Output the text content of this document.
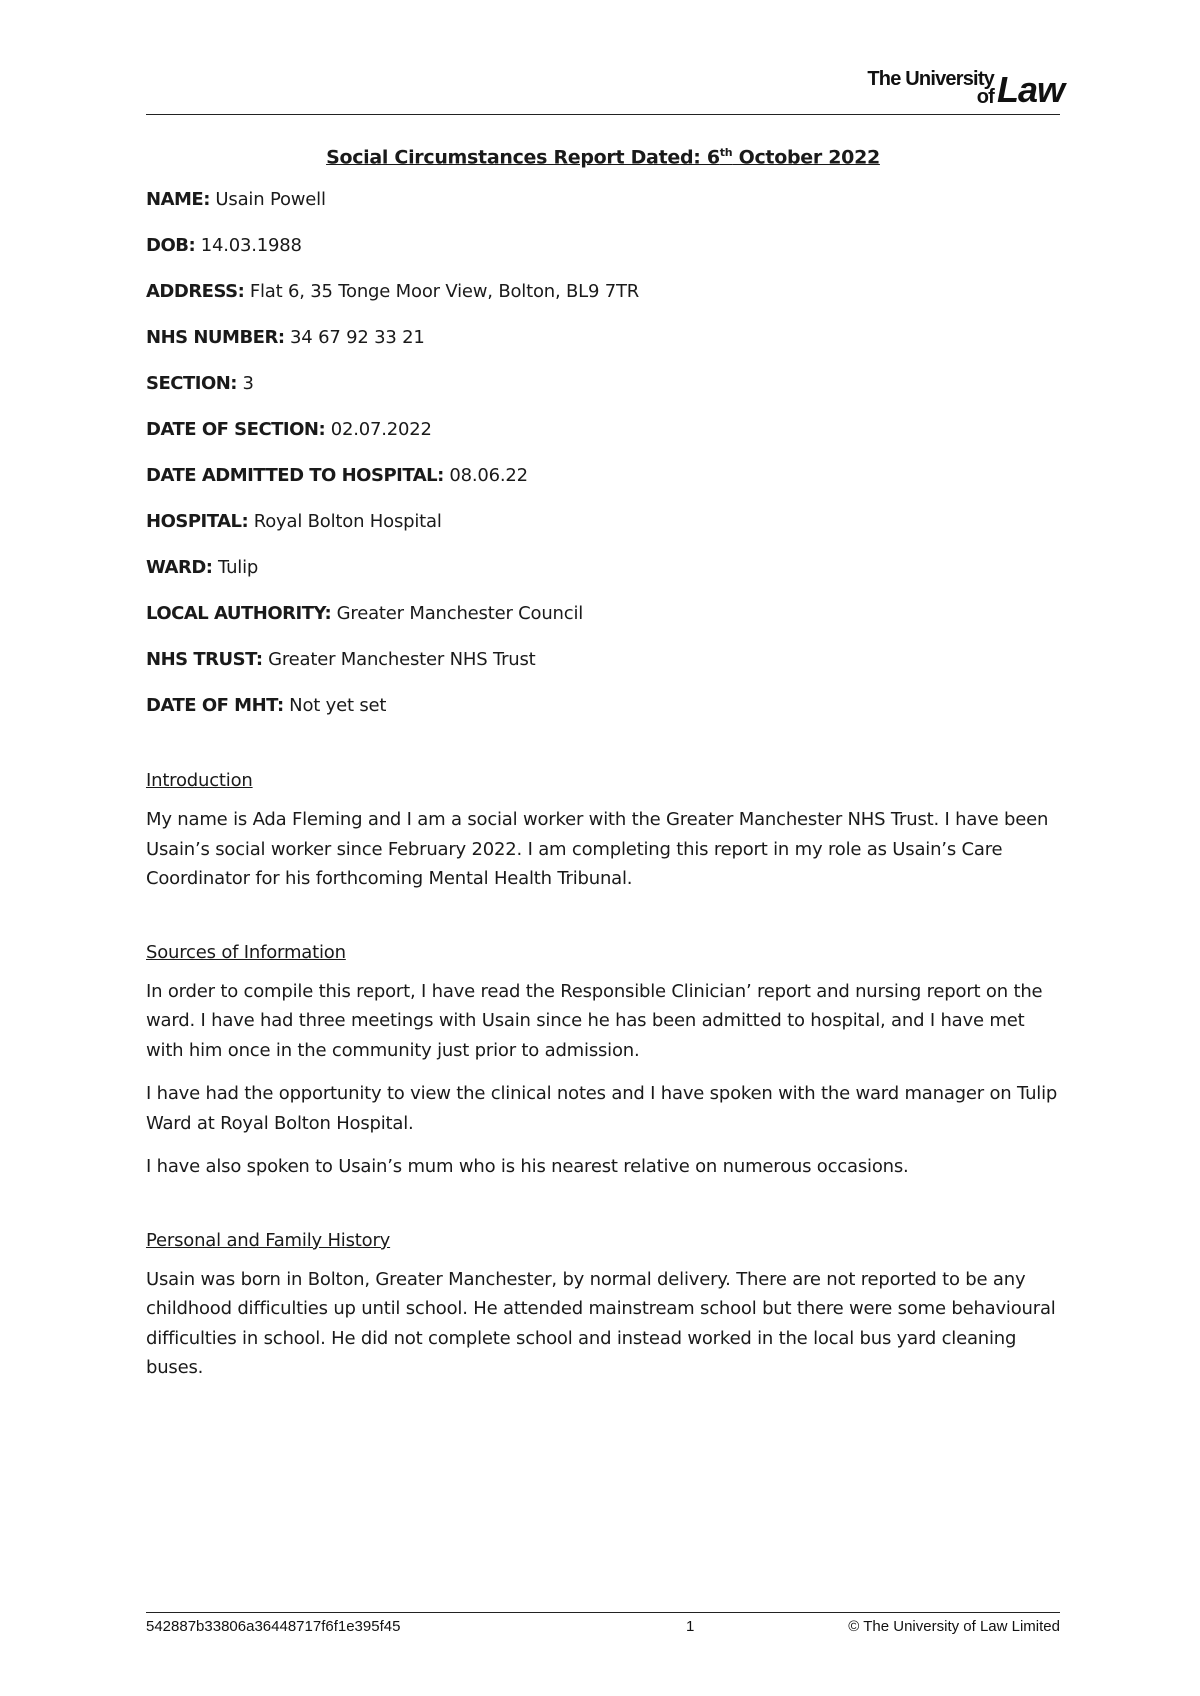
The University
of Law
Social Circumstances Report Dated: 6th October 2022
NAME: Usain Powell
DOB: 14.03.1988
ADDRESS: Flat 6, 35 Tonge Moor View, Bolton, BL9 7TR
NHS NUMBER: 34 67 92 33 21
SECTION: 3
DATE OF SECTION: 02.07.2022
DATE ADMITTED TO HOSPITAL: 08.06.22
HOSPITAL: Royal Bolton Hospital
WARD: Tulip
LOCAL AUTHORITY: Greater Manchester Council
NHS TRUST: Greater Manchester NHS Trust
DATE OF MHT: Not yet set
Introduction
My name is Ada Fleming and I am a social worker with the Greater Manchester NHS Trust. I have been Usain’s social worker since February 2022. I am completing this report in my role as Usain’s Care Coordinator for his forthcoming Mental Health Tribunal.
Sources of Information
In order to compile this report, I have read the Responsible Clinician’ report and nursing report on the ward. I have had three meetings with Usain since he has been admitted to hospital, and I have met with him once in the community just prior to admission.
I have had the opportunity to view the clinical notes and I have spoken with the ward manager on Tulip Ward at Royal Bolton Hospital.
I have also spoken to Usain’s mum who is his nearest relative on numerous occasions.
Personal and Family History
Usain was born in Bolton, Greater Manchester, by normal delivery. There are not reported to be any childhood difficulties up until school. He attended mainstream school but there were some behavioural difficulties in school. He did not complete school and instead worked in the local bus yard cleaning buses.
542887b33806a36448717f6f1e395f45	1	© The University of Law Limited
